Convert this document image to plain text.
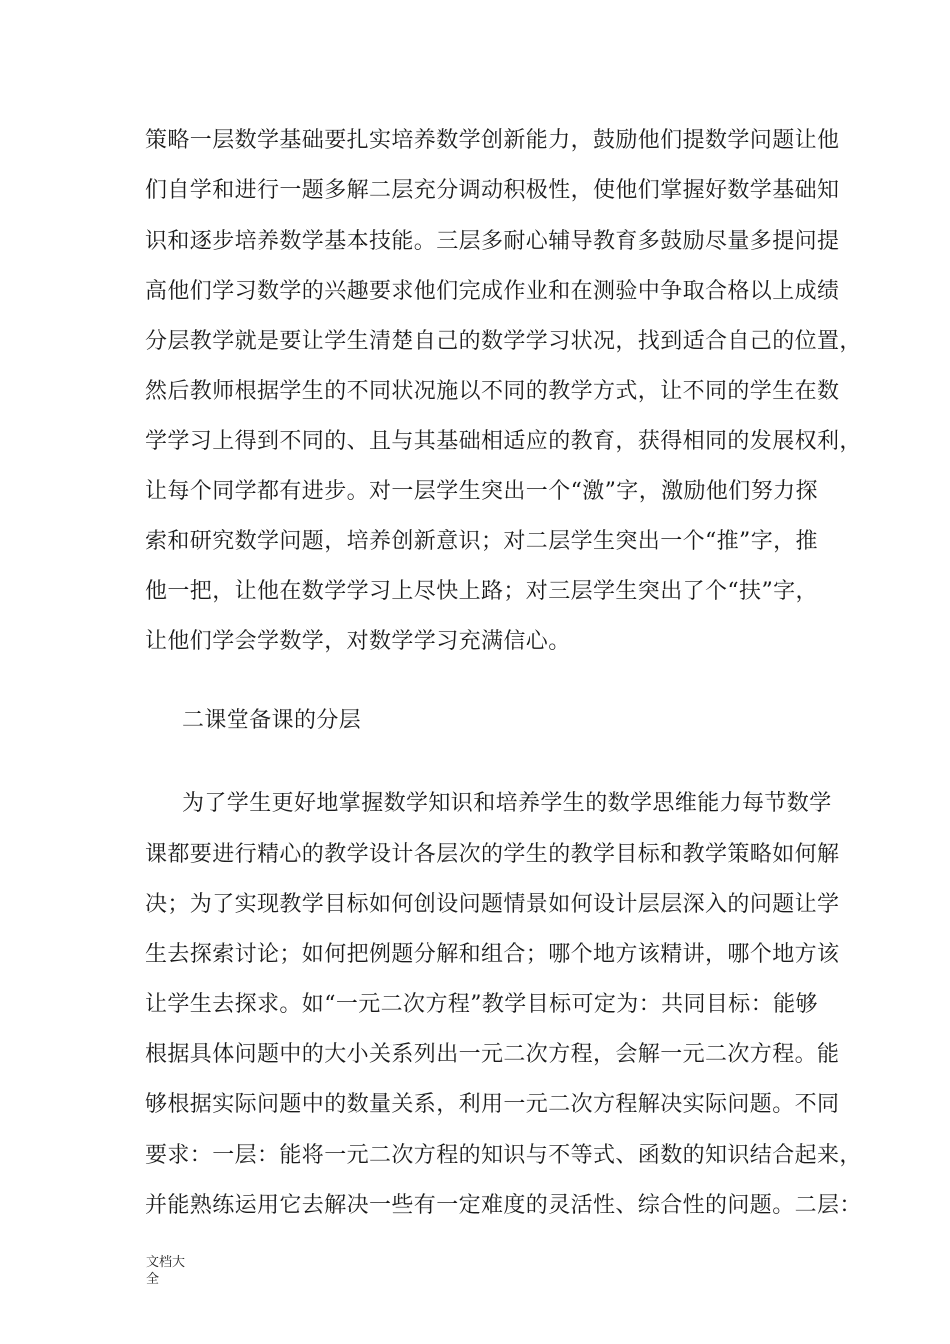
策略一层数学基础要扎实培养数学创新能力，鼓励他们提数学问题让他
们自学和进行一题多解二层充分调动积极性，使他们掌握好数学基础知
识和逐步培养数学基本技能。三层多耐心辅导教育多鼓励尽量多提问提
高他们学习数学的兴趣要求他们完成作业和在测验中争取合格以上成绩
分层教学就是要让学生清楚自己的数学学习状况，找到适合自己的位置，
然后教师根据学生的不同状况施以不同的教学方式，让不同的学生在数
学学习上得到不同的、且与其基础相适应的教育，获得相同的发展权利，
让每个同学都有进步。对一层学生突出一个“激”字，激励他们努力探
索和研究数学问题，培养创新意识；对二层学生突出一个“推”字，推
他一把，让他在数学学习上尽快上路；对三层学生突出了个“扶”字，
让他们学会学数学，对数学学习充满信心。
二课堂备课的分层
为了学生更好地掌握数学知识和培养学生的数学思维能力每节数学
课都要进行精心的教学设计各层次的学生的教学目标和教学策略如何解
决；为了实现教学目标如何创设问题情景如何设计层层深入的问题让学
生去探索讨论；如何把例题分解和组合；哪个地方该精讲，哪个地方该
让学生去探求。如“一元二次方程”教学目标可定为：共同目标：能够
根据具体问题中的大小关系列出一元二次方程，会解一元二次方程。能
够根据实际问题中的数量关系，利用一元二次方程解决实际问题。不同
要求：一层：能将一元二次方程的知识与不等式、函数的知识结合起来，
并能熟练运用它去解决一些有一定难度的灵活性、综合性的问题。二层：
文档大
全
